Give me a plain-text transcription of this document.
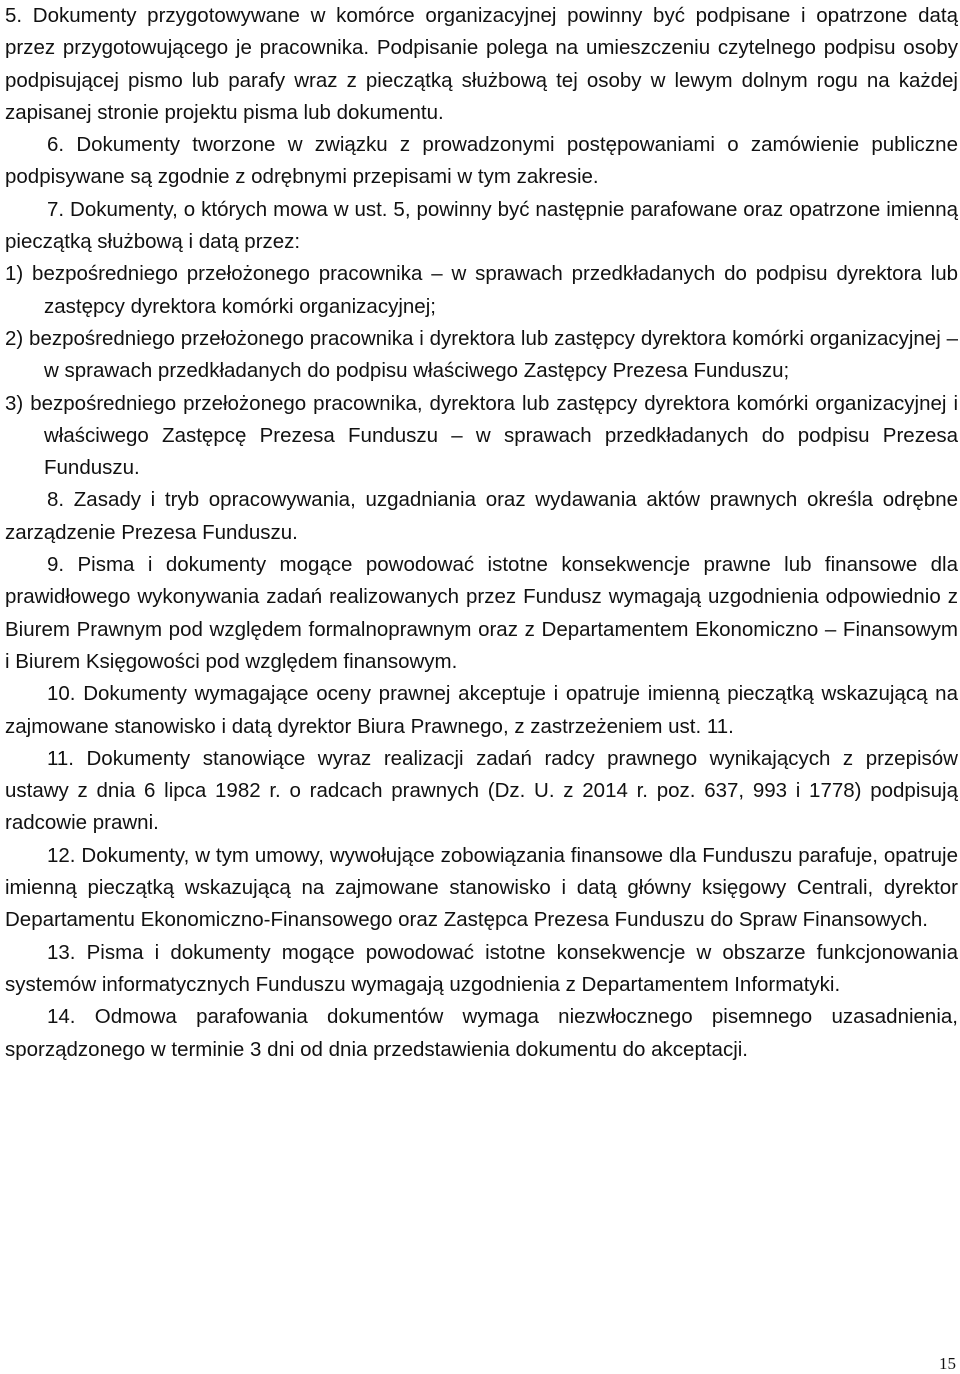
5. Dokumenty przygotowywane w komórce organizacyjnej powinny być podpisane i opatrzone datą przez przygotowującego je pracownika. Podpisanie polega na umieszczeniu czytelnego podpisu osoby podpisującej pismo lub parafy wraz z pieczątką służbową tej osoby w lewym dolnym rogu na każdej zapisanej stronie projektu pisma lub dokumentu.

6. Dokumenty tworzone w związku z prowadzonymi postępowaniami o zamówienie publiczne podpisywane są zgodnie z odrębnymi przepisami w tym zakresie.

7. Dokumenty, o których mowa w ust. 5, powinny być następnie parafowane oraz opatrzone imienną pieczątką służbową i datą przez:

1) bezpośredniego przełożonego pracownika – w sprawach przedkładanych do podpisu dyrektora lub zastępcy dyrektora komórki organizacyjnej;

2) bezpośredniego przełożonego pracownika i dyrektora lub zastępcy dyrektora komórki organizacyjnej – w sprawach przedkładanych do podpisu właściwego Zastępcy Prezesa Funduszu;

3) bezpośredniego przełożonego pracownika, dyrektora lub zastępcy dyrektora komórki organizacyjnej i właściwego Zastępcę Prezesa Funduszu – w sprawach przedkładanych do podpisu Prezesa Funduszu.

8. Zasady i tryb opracowywania, uzgadniania oraz wydawania aktów prawnych określa odrębne zarządzenie Prezesa Funduszu.

9. Pisma i dokumenty mogące powodować istotne konsekwencje prawne lub finansowe dla prawidłowego wykonywania zadań realizowanych przez Fundusz wymagają uzgodnienia odpowiednio z Biurem Prawnym pod względem formalnoprawnym oraz z Departamentem Ekonomiczno – Finansowym i Biurem Księgowości pod względem finansowym.

10. Dokumenty wymagające oceny prawnej akceptuje i opatruje imienną pieczątką wskazującą na zajmowane stanowisko i datą dyrektor Biura Prawnego, z zastrzeżeniem ust. 11.

11. Dokumenty stanowiące wyraz realizacji zadań radcy prawnego wynikających z przepisów ustawy z dnia 6 lipca 1982 r. o radcach prawnych (Dz. U. z 2014 r. poz. 637, 993 i 1778) podpisują radcowie prawni.

12. Dokumenty, w tym umowy, wywołujące zobowiązania finansowe dla Funduszu parafuje, opatruje imienną pieczątką wskazującą na zajmowane stanowisko i datą główny księgowy Centrali, dyrektor Departamentu Ekonomiczno-Finansowego oraz Zastępca Prezesa Funduszu do Spraw Finansowych.

13. Pisma i dokumenty mogące powodować istotne konsekwencje w obszarze funkcjonowania systemów informatycznych Funduszu wymagają uzgodnienia z Departamentem Informatyki.

14. Odmowa parafowania dokumentów wymaga niezwłocznego pisemnego uzasadnienia, sporządzonego w terminie 3 dni od dnia przedstawienia dokumentu do akceptacji.

15
